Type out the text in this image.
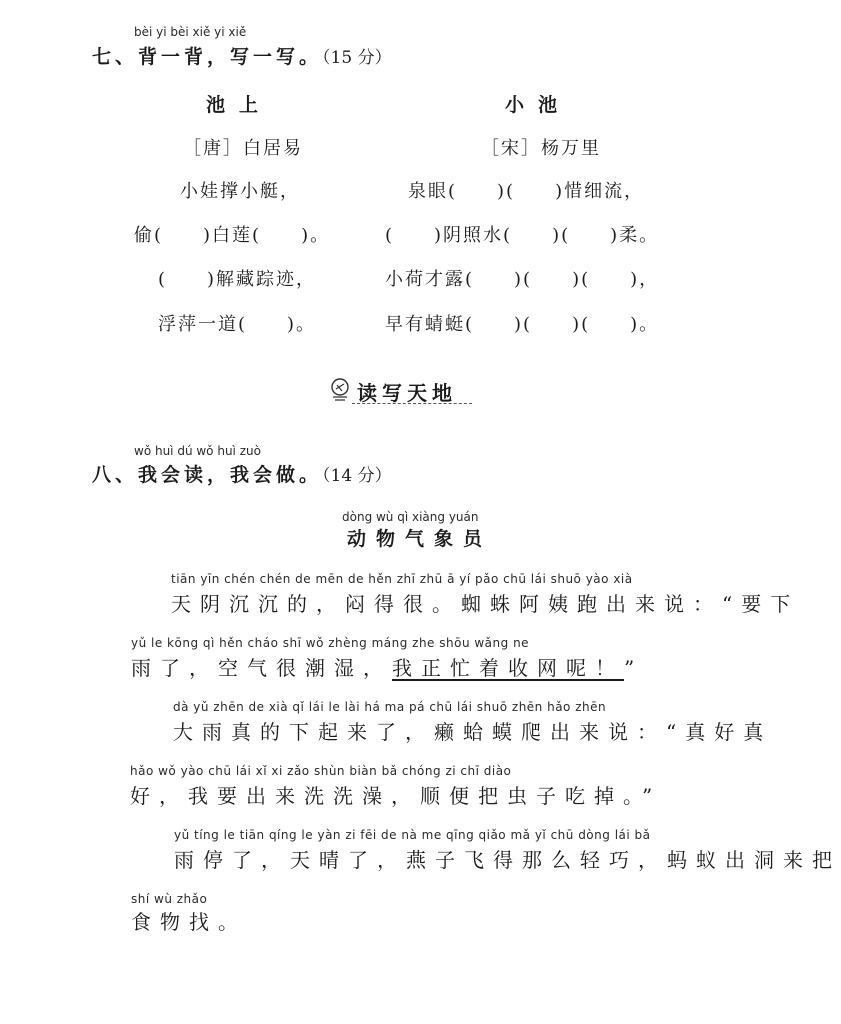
bèi yi bèi xiě yi xiě
七、背一背，写一写。（15 分）
池上
［唐］白居易
小娃撑小艇，
偷(　　)白莲(　　)。
(　　)解藏踪迹，
浮萍一道(　　)。
小池
［宋］杨万里
泉眼(　　)(　　)惜细流，
(　　)阴照水(　　)(　　)柔。
小荷才露(　　)(　　)(　　)，
早有蜻蜓(　　)(　　)(　　)。
读写天地
wǒ huì dú wǒ huì zuò
八、我会读，我会做。（14 分）
dòng wù qì xiàng yuán
动物气象员
tiān yīn chén chén de mēn de hěn zhī zhū ā yí pǎo chū lái shuō yào xià
天阴沉沉的，闷得很。蜘蛛阿姨跑出来说：“要下
yǔ le kōng qì hěn cháo shī wǒ zhèng máng zhe shōu wǎng ne
雨了，空气很潮湿，我正忙着收网呢！”
dà yǔ zhēn de xià qǐ lái le lài há ma pá chū lái shuō zhēn hǎo zhēn
大雨真的下起来了，癞蛤蟆爬出来说：“真好真
hǎo wǒ yào chū lái xǐ xi zǎo shùn biàn bǎ chóng zi chī diào
好，我要出来洗洗澡，顺便把虫子吃掉。”
yǔ tíng le tiān qíng le yàn zi fēi de nà me qīng qiǎo mǎ yǐ chū dòng lái bǎ
雨停了，天晴了，燕子飞得那么轻巧，蚂蚁出洞来把
shí wù zhǎo
食物找。
